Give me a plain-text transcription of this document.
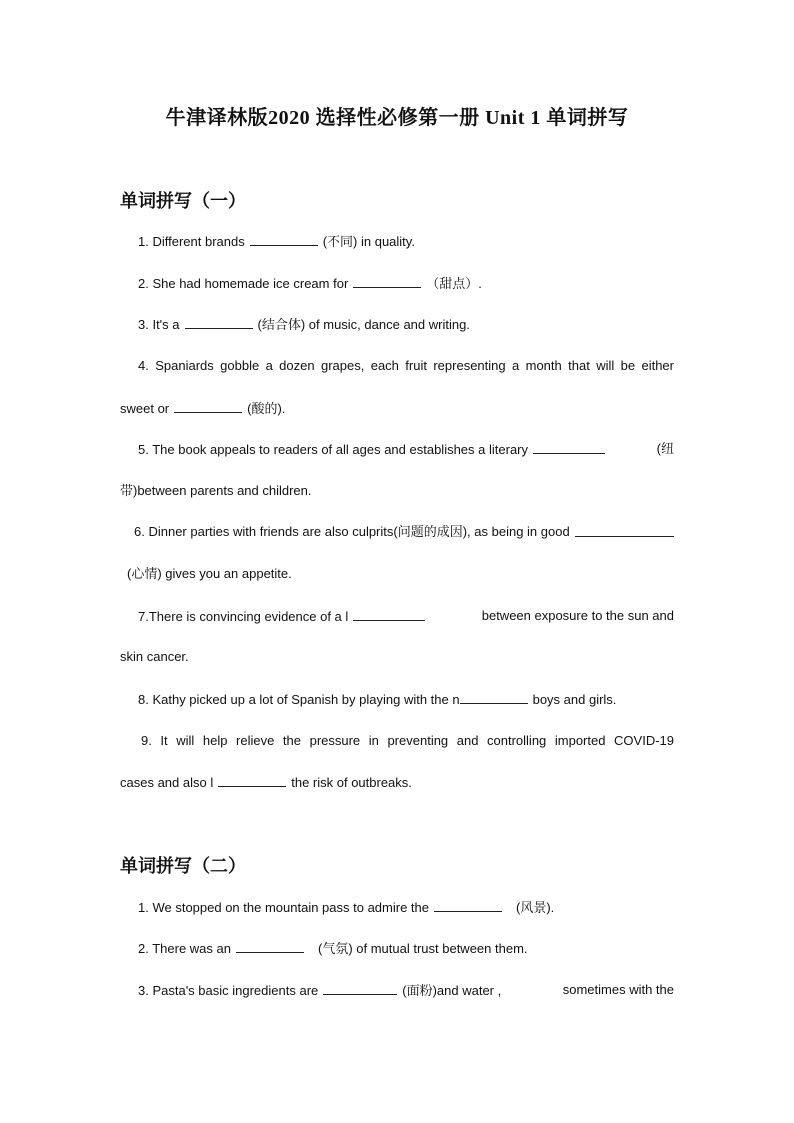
牛津译林版2020 选择性必修第一册 Unit 1 单词拼写
单词拼写（一）
1. Different brands	(不同) in quality.
2. She had homemade ice cream for	（甜点）.
3. It's a	(结合体) of music, dance and writing.
4. Spaniards gobble a dozen grapes, each fruit representing a month that will be either
sweet or	(酸的).
5. The book appeals to readers of all ages and establishes a literary	(纽
带)between parents and children.
6. Dinner parties with friends are also culprits(问题的成因), as being in good
(心情) gives you an appetite.
7.There is convincing evidence of a l	between exposure to the sun and
skin cancer.
8. Kathy picked up a lot of Spanish by playing with the n	boys and girls.
9. It will help relieve the pressure in preventing and controlling imported COVID-19
cases and also l	the risk of outbreaks.
单词拼写（二）
1. We stopped on the mountain pass to admire the	(风景).
2. There was an	(气氛) of mutual trust between them.
3. Pasta's basic ingredients are	(面粉)and water ,	sometimes with the
